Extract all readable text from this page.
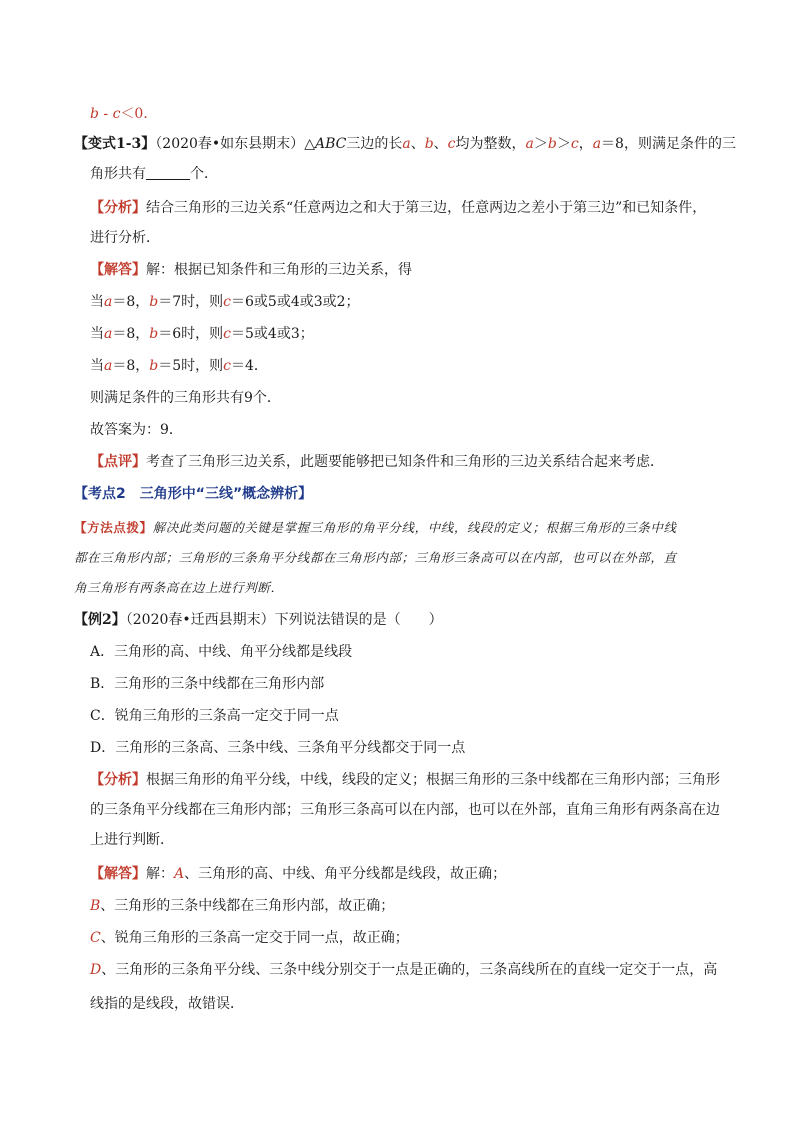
b - c＜0．
【变式1-3】（2020春•如东县期末）△ABC三边的长a、b、c均为整数，a＞b＞c，a＝8，则满足条件的三
角形共有	个．
【分析】结合三角形的三边关系“任意两边之和大于第三边，任意两边之差小于第三边”和已知条件，
进行分析．
【解答】解：根据已知条件和三角形的三边关系，得
当a＝8，b＝7时，则c＝6或5或4或3或2；
当a＝8，b＝6时，则c＝5或4或3；
当a＝8，b＝5时，则c＝4．
则满足条件的三角形共有9个．
故答案为：9．
【点评】考查了三角形三边关系，此题要能够把已知条件和三角形的三边关系结合起来考虑．
【考点2　三角形中“三线”概念辨析】
【方法点拨】解决此类问题的关键是掌握三角形的角平分线，中线，线段的定义；根据三角形的三条中线
都在三角形内部；三角形的三条角平分线都在三角形内部；三角形三条高可以在内部，也可以在外部，直
角三角形有两条高在边上进行判断．
【例2】（2020春•迁西县期末）下列说法错误的是（　　）
A．三角形的高、中线、角平分线都是线段
B．三角形的三条中线都在三角形内部
C．锐角三角形的三条高一定交于同一点
D．三角形的三条高、三条中线、三条角平分线都交于同一点
【分析】根据三角形的角平分线，中线，线段的定义；根据三角形的三条中线都在三角形内部；三角形
的三条角平分线都在三角形内部；三角形三条高可以在内部，也可以在外部，直角三角形有两条高在边
上进行判断．
【解答】解：A、三角形的高、中线、角平分线都是线段，故正确；
B、三角形的三条中线都在三角形内部，故正确；
C、锐角三角形的三条高一定交于同一点，故正确；
D、三角形的三条角平分线、三条中线分别交于一点是正确的，三条高线所在的直线一定交于一点，高
线指的是线段，故错误．
